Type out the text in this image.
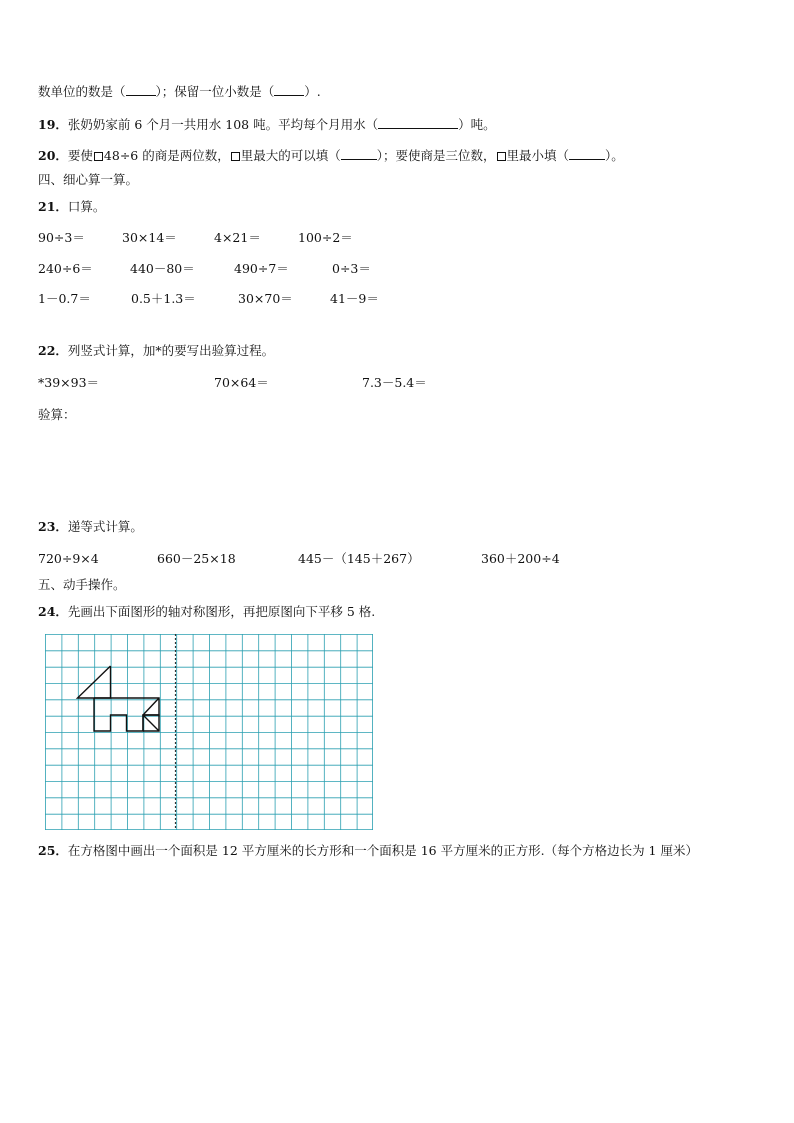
数单位的数是（ ）；保留一位小数是（ ）.
19．张奶奶家前 6 个月一共用水 108 吨。平均每个月用水（	）吨。
20．要使 48÷6 的商是两位数， 里最大的可以填（	）；要使商是三位数， 里最小填（	）。
四、细心算一算。
21．口算。
90÷3＝	30×14＝	4×21＝	100÷2＝
240÷6＝	440－80＝	490÷7＝	0÷3＝
1－0.7＝	0.5＋1.3＝	30×70＝	41－9＝
22．列竖式计算，加*的要写出验算过程。
*39×93＝	70×64＝	7.3－5.4＝
验算：
23．递等式计算。
720÷9×4	660－25×18	445－（145＋267）	360＋200÷4
五、动手操作。
24．先画出下面图形的轴对称图形，再把原图向下平移 5 格.
25．在方格图中画出一个面积是 12 平方厘米的长方形和一个面积是 16 平方厘米的正方形.（每个方格边长为 1 厘米）
